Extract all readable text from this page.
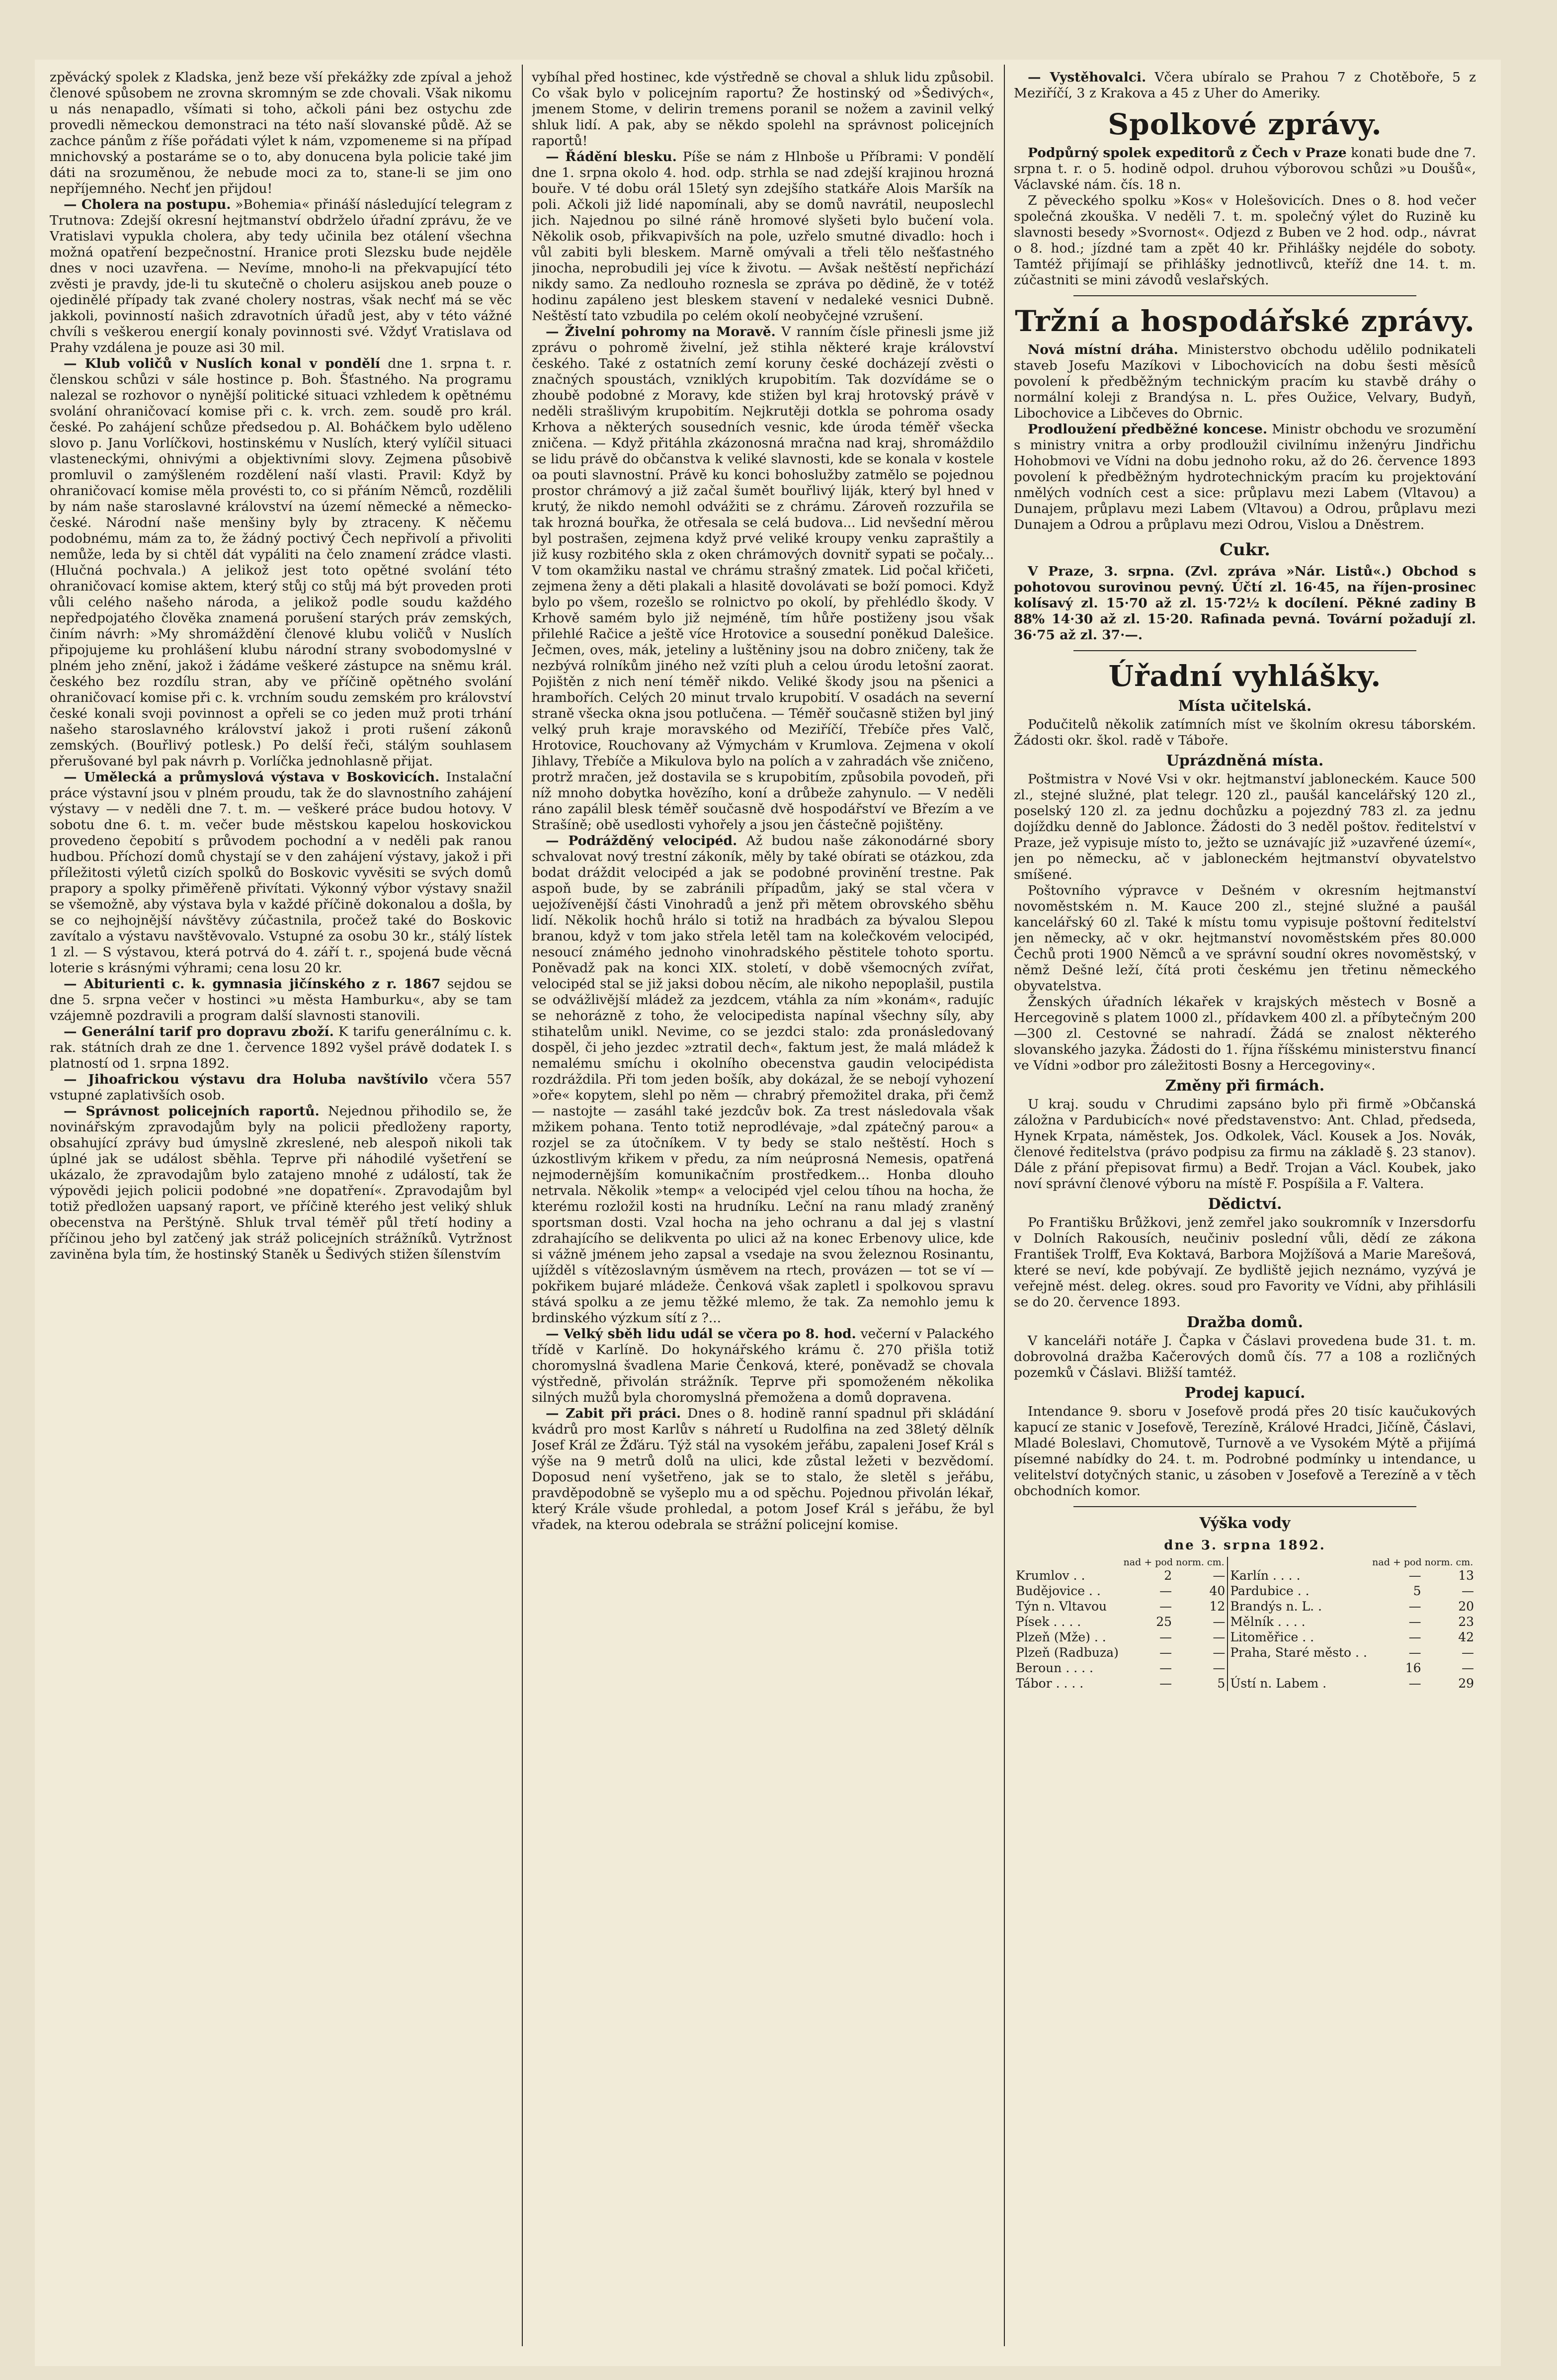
zpěvácký spolek z Kladska, jenž beze vší překážky zde zpíval a jehož členové spůsobem ne zrovna skromným se zde chovali. Však nikomu u nás nenapadlo, všímati si toho, ačkoli páni bez ostychu zde provedli německou demonstraci na této naší slovanské půdě. Až se zachce pánům z říše pořádati výlet k nám, vzpomeneme si na případ mnichovský a postaráme se o to, aby donucena byla policie také jim dáti na srozuměnou, že nebude moci za to, stane-li se jim ono nepříjemného. Nechť jen přijdou!

— Cholera na postupu. »Bohemia« přináší následující telegram z Trutnova: Zdejší okresní hejtmanství obdrželo úřadní zprávu, že ve Vratislavi vypukla cholera, aby tedy učinila bez otálení všechna možná opatření bezpečnostní. Hranice proti Slezsku bude nejděle dnes v noci uzavřena. — Nevíme, mnoho-li na překvapující této zvěsti je pravdy, jde-li tu skutečně o choleru asijskou aneb pouze o ojedinělé případy tak zvané cholery nostras, však nechť má se věc jakkoli, povinností našich zdravotních úřadů jest, aby v této vážné chvíli s veškerou energií konaly povinnosti své. Vždyť Vratislava od Prahy vzdálena je pouze asi 30 mil.

— Klub voličů v Nuslích konal v pondělí dne 1. srpna t. r. členskou schůzi v sále hostince p. Boh. Šťastného. Na programu nalezal se rozhovor o nynější politické situaci vzhledem k opětnému svolání ohraničovací komise při c. k. vrch. zem. soudě pro král. české. Po zahájení schůze předsedou p. Al. Boháčkem bylo uděleno slovo p. Janu Vorlíčkovi, hostinskému v Nuslích, který vylíčil situaci vlasteneckými, ohnivými a objektivními slovy. Zejmena působivě promluvil o zamýšleném rozdělení naší vlasti. Pravil: Když by ohraničovací komise měla provésti to, co si přáním Němců, rozdělili by nám naše staroslavné království na území německé a německo-české. Národní naše menšiny byly by ztraceny. K něčemu podobnému, mám za to, že žádný poctivý Čech nepřivolí a přivoliti nemůže, leda by si chtěl dát vypáliti na čelo znamení zrádce vlasti. (Hlučná pochvala.) A jelikož jest toto opětné svolání této ohraničovací komise aktem, který stůj co stůj má být proveden proti vůli celého našeho národa, a jelikož podle soudu každého nepředpojatého člověka znamená porušení starých práv zemských, činím návrh: »My shromáždění členové klubu voličů v Nuslích připojujeme ku prohlášení klubu národní strany svobodomyslné v plném jeho znění, jakož i žádáme veškeré zástupce na sněmu král. českého bez rozdílu stran, aby ve příčině opětného svolání ohraničovací komise při c. k. vrchním soudu zemském pro království české konali svoji povinnost a opřeli se co jeden muž proti trhání našeho staroslavného království jakož i proti rušení zákonů zemských. (Bouřlivý potlesk.) Po delší řeči, stálým souhlasem přerušované byl pak návrh p. Vorlíčka jednohlasně přijat.

— Umělecká a průmyslová výstava v Boskovicích. Instalační práce výstavní jsou v plném proudu, tak že do slavnostního zahájení výstavy — v neděli dne 7. t. m. — veškeré práce budou hotovy. V sobotu dne 6. t. m. večer bude městskou kapelou hoskovickou provedeno čepobití s průvodem pochodní a v neděli pak ranou hudbou. Příchozí domů chystají se v den zahájení výstavy, jakož i při příležitosti výletů cizích spolků do Boskovic vyvěsiti se svých domů prapory a spolky přiměřeně přivítati. Výkonný výbor výstavy snažil se všemožně, aby výstava byla v každé příčině dokonalou a došla, by se co nejhojnější návštěvy zúčastnila, pročež také do Boskovic zavítalo a výstavu navštěvovalo. Vstupné za osobu 30 kr., stálý lístek 1 zl. — S výstavou, která potrvá do 4. září t. r., spojená bude věcná loterie s krásnými výhrami; cena losu 20 kr.

— Abiturienti c. k. gymnasia jičínského z r. 1867 sejdou se dne 5. srpna večer v hostinci »u města Hamburku«, aby se tam vzájemně pozdravili a program další slavnosti stanovili.

— Generální tarif pro dopravu zboží. K tarifu generálnímu c. k. rak. státních drah ze dne 1. července 1892 vyšel právě dodatek I. s platností od 1. srpna 1892.

— Jihoafrickou výstavu dra Holuba navštívilo včera 557 vstupné zaplativších osob.

— Správnost policejních raportů. Nejednou přihodilo se, že novinářským zpravodajům byly na policii předloženy raporty, obsahující zprávy bud úmyslně zkreslené, neb alespoň nikoli tak úplné jak se událost sběhla. Teprve při náhodilé vyšetření se ukázalo, že zpravodajům bylo zatajeno mnohé z událostí, tak že výpovědi jejich policii podobné »ne dopatření«. Zpravodajům byl totiž předložen uapsaný raport, ve příčině kterého jest veliký shluk obecenstva na Perštýně. Shluk trval téměř půl třetí hodiny a příčinou jeho byl zatčený jak stráž policejních strážníků. Vytržnost zaviněna byla tím, že hostinský Staněk u Šedivých stižen šílenstvím

vybíhal před hostinec, kde výstředně se choval a shluk lidu způsobil. Co však bylo v policejním raportu? Že hostinský od »Šedivých«, jmenem Stome, v delirin tremens poranil se nožem a zavinil velký shluk lidí. A pak, aby se někdo spolehl na správnost policejních raportů!

— Řádění blesku. Píše se nám z Hlnboše u Příbrami: V pondělí dne 1. srpna okolo 4. hod. odp. strhla se nad zdejší krajinou hrozná bouře. V té dobu orál 15letý syn zdejšího statkáře Alois Maršík na poli. Ačkoli již lidé napomínali, aby se domů navrátil, neuposlechl jich. Najednou po silné ráně hromové slyšeti bylo bučení vola. Několik osob, přikvapivších na pole, uzřelo smutné divadlo: hoch i vůl zabiti byli bleskem. Marně omývali a třeli tělo nešťastného jinocha, neprobudili jej více k životu. — Avšak neštěstí nepřichází nikdy samo. Za nedlouho roznesla se zpráva po dědině, že v totéž hodinu zapáleno jest bleskem stavení v nedaleké vesnici Dubně. Neštěstí tato vzbudila po celém okolí neobyčejné vzrušení.

— Živelní pohromy na Moravě. V ranním čísle přinesli jsme již zprávu o pohromě živelní, jež stihla některé kraje království českého. Také z ostatních zemí koruny české docházejí zvěsti o značných spoustách, vzniklých krupobitím. Tak dozvídáme se o zhoubě podobné z Moravy, kde stižen byl kraj hrotovský právě v neděli strašlivým krupobitím. Nejkrutěji dotkla se pohroma osady Krhova a některých sousedních vesnic, kde úroda téměř všecka zničena. — Když přitáhla zkázonosná mračna nad kraj, shromáždilo se lidu právě do občanstva k veliké slavnosti, kde se konala v kostele oa pouti slavnostní. Právě ku konci bohoslužby zatmělo se pojednou prostor chrámový a již začal šumět bouřlivý liják, který byl hned v krutý, že nikdo nemohl odvážiti se z chrámu. Zároveň rozzuřila se tak hrozná bouřka, že otřesala se celá budova... Lid nevšední měrou byl postrašen, zejmena když prvé veliké kroupy venku zapraštily a již kusy rozbitého skla z oken chrámových dovnitř sypati se počaly... V tom okamžiku nastal ve chrámu strašný zmatek. Lid počal křičeti, zejmena ženy a děti plakali a hlasitě dovolávati se boží pomoci. Když bylo po všem, rozešlo se rolnictvo po okolí, by přehlédlo škody. V Krhově samém bylo již nejméně, tím hůře postiženy jsou však přilehlé Račice a ještě více Hrotovice a sousední poněkud Dalešice. Ječmen, oves, mák, jeteliny a luštěniny jsou na dobro zničeny, tak že nezbývá rolníkům jiného než vzíti pluh a celou úrodu letošní zaorat. Pojištěn z nich není téměř nikdo. Veliké škody jsou na pšenici a hrambořích. Celých 20 minut trvalo krupobití. V osadách na severní straně všecka okna jsou potlučena. — Téměř současně stižen byl jiný velký pruh kraje moravského od Meziříčí, Třebíče přes Valč, Hrotovice, Rouchovany až Výmychám v Krumlova. Zejmena v okolí Jihlavy, Třebíče a Mikulova bylo na polích a v zahradách vše zničeno, protrž mračen, jež dostavila se s krupobitím, způsobila povodeň, při níž mnoho dobytka hovězího, koní a drůbeže zahynulo. — V neděli ráno zapálil blesk téměř současně dvě hospodářství ve Březím a ve Strašíně; obě usedlosti vyhořely a jsou jen částečně pojištěny.

— Podrážděný velocipéd. Až budou naše zákonodárné sbory schvalovat nový trestní zákoník, měly by také obírati se otázkou, zda bodat dráždit velocipéd a jak se podobné provinění trestne. Pak aspoň bude, by se zabránili případům, jaký se stal včera v uejožívenější části Vinohradů a jenž při mětem obrovského sběhu lidí. Několik hochů hrálo si totiž na hradbách za bývalou Slepou branou, když v tom jako střela letěl tam na kolečkovém velocipéd, nesoucí známého jednoho vinohradského pěstitele tohoto sportu. Poněvadž pak na konci XIX. století, v době všemocných zvířat, velocipéd stal se již jaksi dobou něcím, ale nikoho nepoplašil, pustila se odvážlivější mládež za jezdcem, vtáhla za ním »konám«, radujíc se nehorázně z toho, že velocipedista napínal všechny síly, aby stihatelům unikl. Nevime, co se jezdci stalo: zda pronásledovaný dospěl, či jeho jezdec »ztratil dech«, faktum jest, že malá mládež k nemalému smíchu i okolního obecenstva gaudin velocipédista rozdráždila. Při tom jeden bošík, aby dokázal, že se nebojí vyhození »oře« kopytem, slehl po něm — chrabrý přemožitel draka, při čemž — nastojte — zasáhl také jezdcův bok. Za trest následovala však mžikem pohana. Tento totiž neprodlévaje, »dal zpátečný parou« a rozjel se za útočníkem. V ty bedy se stalo neštěstí. Hoch s úzkostlivým křikem v předu, za ním neúprosná Nemesis, opatřená nejmodernějším komunikačním prostředkem... Honba dlouho netrvala. Několik »temp« a velocipéd vjel celou tíhou na hocha, že kterému rozložil kosti na hrudníku. Leční na ranu mladý zraněný sportsman dosti. Vzal hocha na jeho ochranu a dal jej s vlastní zdrahajícího se delikventa po ulici až na konec Erbenovy ulice, kde si vážně jménem jeho zapsal a vsedaje na svou železnou Rosinantu, ujížděl s vítězoslavným úsměvem na rtech, provázen — tot se ví — pokřikem bujaré mládeže. Čenková však zapletl i spolkovou spravu stává spolku a ze jemu těžké mlemo, že tak. Za nemohlo jemu k brdinského výzkum sítí z ?...

— Velký sběh lidu udál se včera po 8. hod. večerní v Palackého třídě v Karlíně. Do hokynářského krámu č. 270 přišla totiž choromyslná švadlena Marie Čenková, které, poněvadž se chovala výstředně, přivolán strážník. Teprve při spomoženém několika silných mužů byla choromyslná přemožena a domů dopravena.

— Zabit při práci. Dnes o 8. hodině ranní spadnul při skládání kvádrů pro most Karlův s náhretí u Rudolfina na zed 38letý dělník Josef Král ze Žďáru. Týž stál na vysokém jeřábu, zapaleni Josef Král s výše na 9 metrů dolů na ulici, kde zůstal ležeti v bezvědomí. Doposud není vyšetřeno, jak se to stalo, že sletěl s jeřábu, pravděpodobně se vyšeplo mu a od spěchu. Pojednou přivolán lékař, který Krále všude prohledal, a potom Josef Král s jeřábu, že byl vřadek, na kterou odebrala se strážní policejní komise.

— Vystěhovalci. Včera ubíralo se Prahou 7 z Chotěboře, 5 z Meziříčí, 3 z Krakova a 45 z Uher do Ameriky.

Spolkové zprávy.

Podpůrný spolek expeditorů z Čech v Praze konati bude dne 7. srpna t. r. o 5. hodině odpol. druhou výborovou schůzi »u Doušů«, Václavské nám. čís. 18 n.

Z pěveckého spolku »Kos« v Holešovicích. Dnes o 8. hod večer společná zkouška. V neděli 7. t. m. společný výlet do Ruzině ku slavnosti besedy »Svornost«. Odjezd z Buben ve 2 hod. odp., návrat o 8. hod.; jízdné tam a zpět 40 kr. Přihlášky nejdéle do soboty. Tamtéž přijímají se přihlášky jednotlivců, kteříž dne 14. t. m. zúčastniti se mini závodů veslařských.

Tržní a hospodářské zprávy.

Nová místní dráha. Ministerstvo obchodu udělilo podnikateli staveb Josefu Mazíkovi v Libochovicích na dobu šesti měsíců povolení k předběžným technickým pracím ku stavbě dráhy o normální koleji z Brandýsa n. L. přes Oužice, Velvary, Budyň, Libochovice a Libčeves do Obrnic.

Prodloužení předběžné koncese. Ministr obchodu ve srozumění s ministry vnitra a orby prodloužil civilnímu inženýru Jindřichu Hohobmovi ve Vídni na dobu jednoho roku, až do 26. července 1893 povolení k předběžným hydrotechnickým pracím ku projektování nmělých vodních cest a sice: průplavu mezi Labem (Vltavou) a Dunajem, průplavu mezi Labem (Vltavou) a Odrou, průplavu mezi Dunajem a Odrou a průplavu mezi Odrou, Vislou a Dněstrem.

Cukr.

V Praze, 3. srpna. (Zvl. zpráva »Nár. Listů«.) Obchod s pohotovou surovinou pevný. Účtí zl. 16·45, na říjen-prosinec kolísavý zl. 15·70 až zl. 15·72½ k docílení. Pěkné zadiny B 88% 14·30 až zl. 15·20. Rafinada pevná. Tovární požadují zl. 36·75 až zl. 37·—.

Úřadní vyhlášky.
Místa učitelská.

Podučitelů několik zatímních míst ve školním okresu táborském. Žádosti okr. škol. radě v Táboře.

Uprázdněná místa.

Poštmistra v Nové Vsi v okr. hejtmanství jabloneckém. Kauce 500 zl., stejné služné, plat telegr. 120 zl., paušál kancelářský 120 zl., poselský 120 zl. za jednu dochůzku a pojezdný 783 zl. za jednu dojíždku denně do Jablonce. Žádosti do 3 neděl poštov. ředitelství v Praze, jež vypisuje místo to, ježto se uznávajíc již »uzavřené území«, jen po německu, ač v jabloneckém hejtmanství obyvatelstvo smíšené.

Poštovního výpravce v Dešném v okresním hejtmanství novoměstském n. M. Kauce 200 zl., stejné služné a paušál kancelářský 60 zl. Také k místu tomu vypisuje poštovní ředitelství jen německy, ač v okr. hejtmanství novoměstském přes 80.000 Čechů proti 1900 Němců a ve správní soudní okres novoměstský, v němž Dešné leží, čítá proti českému jen třetinu německého obyvatelstva.

Ženských úřadních lékařek v krajských městech v Bosně a Hercegovině s platem 1000 zl., přídavkem 400 zl. a příbytečným 200—300 zl. Cestovné se nahradí. Žádá se znalost některého slovanského jazyka. Žádosti do 1. října říšskému ministerstvu financí ve Vídni »odbor pro záležitosti Bosny a Hercegoviny«.

Změny při firmách.

U kraj. soudu v Chrudimi zapsáno bylo při firmě »Občanská záložna v Pardubicích« nové představenstvo: Ant. Chlad, předseda, Hynek Krpata, náměstek, Jos. Odkolek, Václ. Kousek a Jos. Novák, členové ředitelstva (právo podpisu za firmu na základě §. 23 stanov). Dále z přání přepisovat firmu) a Bedř. Trojan a Václ. Koubek, jako noví správní členové výboru na místě F. Pospíšila a F. Valtera.

Dědictví.

Po Františku Brůžkovi, jenž zemřel jako soukromník v Inzersdorfu v Dolních Rakousích, neučiniv poslední vůli, dědí ze zákona František Trolff, Eva Koktavá, Barbora Mojžíšová a Marie Marešová, které se neví, kde pobývají. Ze bydliště jejich neznámo, vyzývá je veřejně mést. deleg. okres. soud pro Favority ve Vídni, aby přihlásili se do 20. července 1893.

Dražba domů.

V kanceláři notáře J. Čapka v Čáslavi provedena bude 31. t. m. dobrovolná dražba Kačerových domů čís. 77 a 108 a rozličných pozemků v Čáslavi. Bližší tamtéž.

Prodej kapucí.

Intendance 9. sboru v Josefově prodá přes 20 tisíc kaučukových kapucí ze stanic v Josefově, Terezíně, Králové Hradci, Jičíně, Čáslavi, Mladé Boleslavi, Chomutově, Turnově a ve Vysokém Mýtě a přijímá písemné nabídky do 24. t. m. Podrobné podmínky u intendance, u velitelství dotyčných stanic, u zásoben v Josefově a Terezíně a v těch obchodních komor.

Výška vody
dne 3. srpna 1892.
	nad + pod norm. cm.			nad + pod norm. cm.	
Krumlov . .	2	—	Karlín . . . .	—	13
Budějovice . .	—	40	Pardubice . .	5	—
Týn n. Vltavou	—	12	Brandýs n. L. .	—	20
Písek . . . .	25	—	Mělník . . . .	—	23
Plzeň (Mže) . .	—	—	Litoměřice . .	—	42
Plzeň (Radbuza)	—	—	Praha, Staré město . .	—	—
Beroun . . . .	—	—		16	—
Tábor . . . .	—	5	Ústí n. Labem .	—	29
